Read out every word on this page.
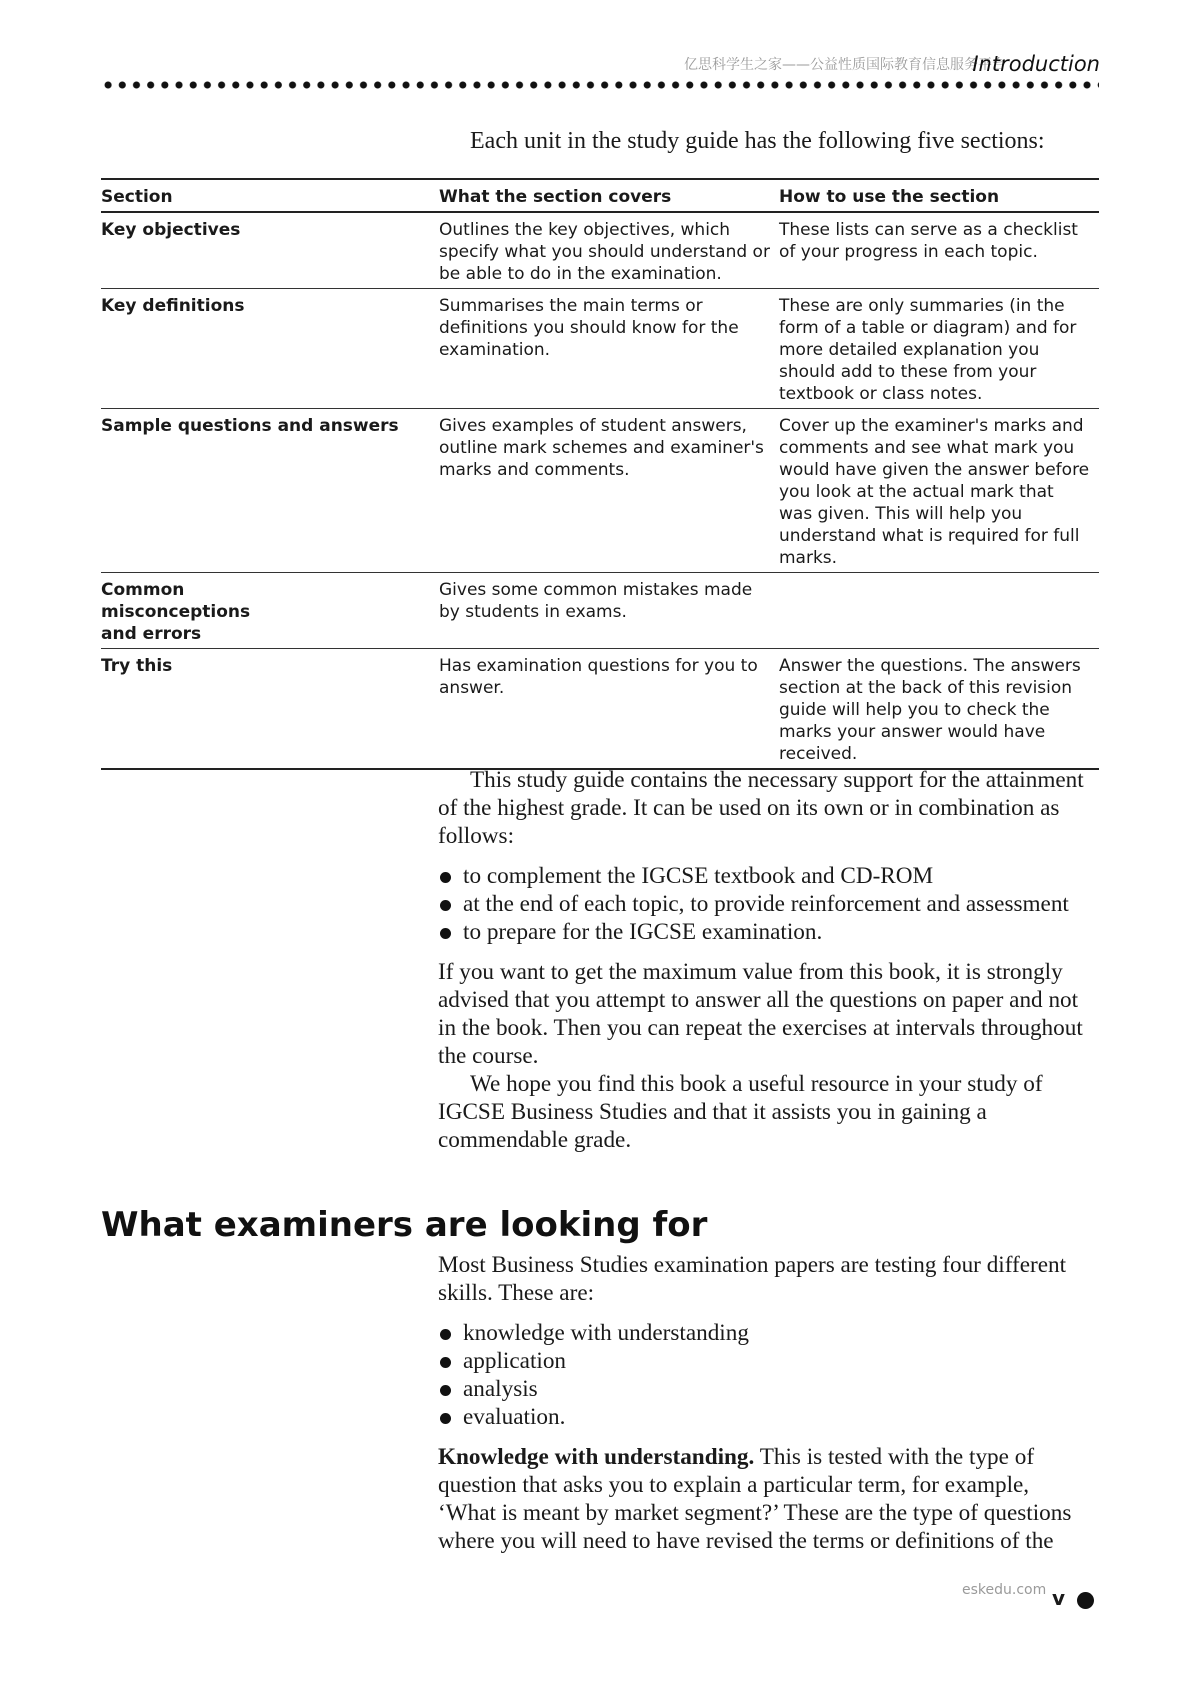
亿思科学生之家——公益性质国际教育信息服务平台
Introduction
Each unit in the study guide has the following five sections:
Section	What the section covers	How to use the section
Key objectives	Outlines the key objectives, which specify what you should understand or be able to do in the examination.	These lists can serve as a checklist of your progress in each topic.
Key definitions	Summarises the main terms or definitions you should know for the examination.	These are only summaries (in the form of a table or diagram) and for more detailed explanation you should add to these from your textbook or class notes.
Sample questions and answers	Gives examples of student answers, outline mark schemes and examiner's marks and comments.	Cover up the examiner's marks and comments and see what mark you would have given the answer before you look at the actual mark that was given. This will help you understand what is required for full marks.
Common misconceptions and errors	Gives some common mistakes made by students in exams.	
Try this	Has examination questions for you to answer.	Answer the questions. The answers section at the back of this revision guide will help you to check the marks your answer would have received.

This study guide contains the necessary support for the attainment of the highest grade. It can be used on its own or in combination as follows:

to complement the IGCSE textbook and CD-ROM
at the end of each topic, to provide reinforcement and assessment
to prepare for the IGCSE examination.

If you want to get the maximum value from this book, it is strongly advised that you attempt to answer all the questions on paper and not in the book. Then you can repeat the exercises at intervals throughout the course.

We hope you find this book a useful resource in your study of IGCSE Business Studies and that it assists you in gaining a commendable grade.

What examiners are looking for

Most Business Studies examination papers are testing four different skills. These are:

knowledge with understanding
application
analysis
evaluation.

Knowledge with understanding. This is tested with the type of question that asks you to explain a particular term, for example, ‘What is meant by market segment?’ These are the type of questions where you will need to have revised the terms or definitions of the

eskedu.com v
